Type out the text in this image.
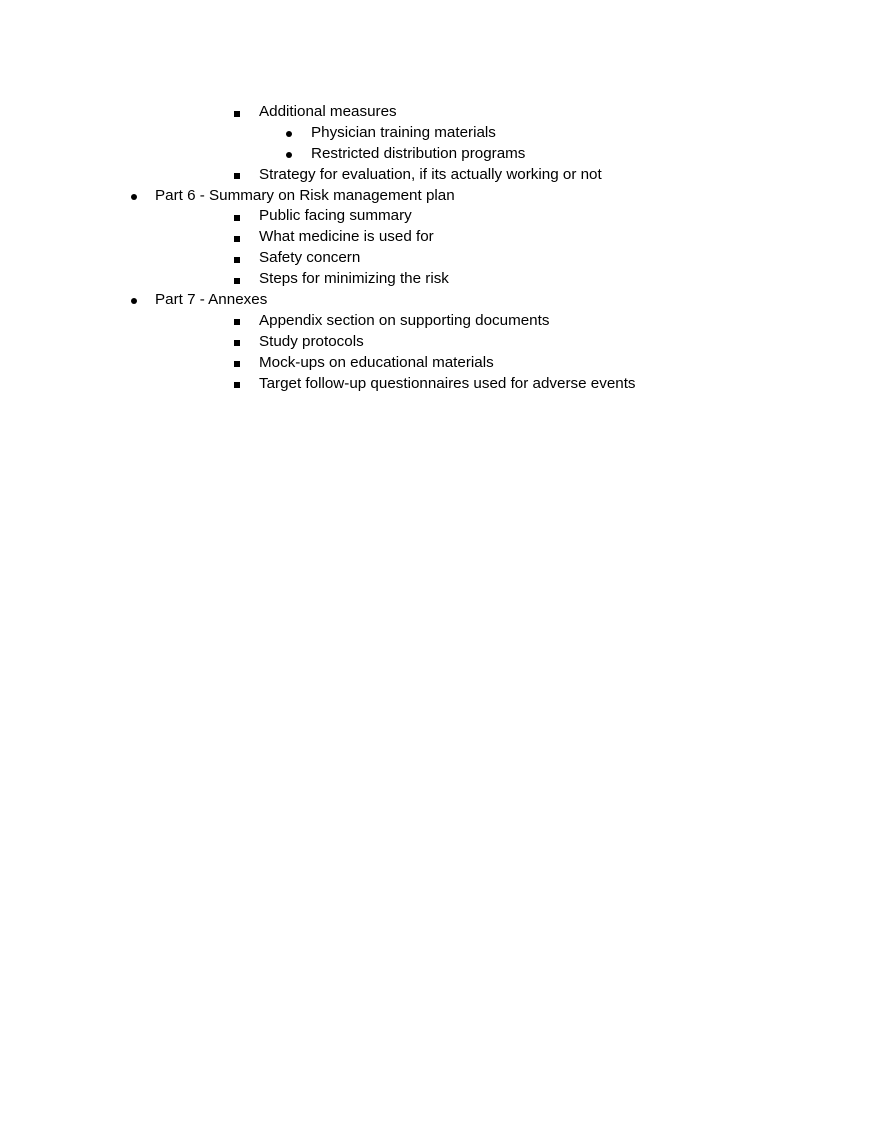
Additional measures
Physician training materials
Restricted distribution programs
Strategy for evaluation, if its actually working or not
Part 6 - Summary on Risk management plan
Public facing summary
What medicine is used for
Safety concern
Steps for minimizing the risk
Part 7 - Annexes
Appendix section on supporting documents
Study protocols
Mock-ups on educational materials
Target follow-up questionnaires used for adverse events
